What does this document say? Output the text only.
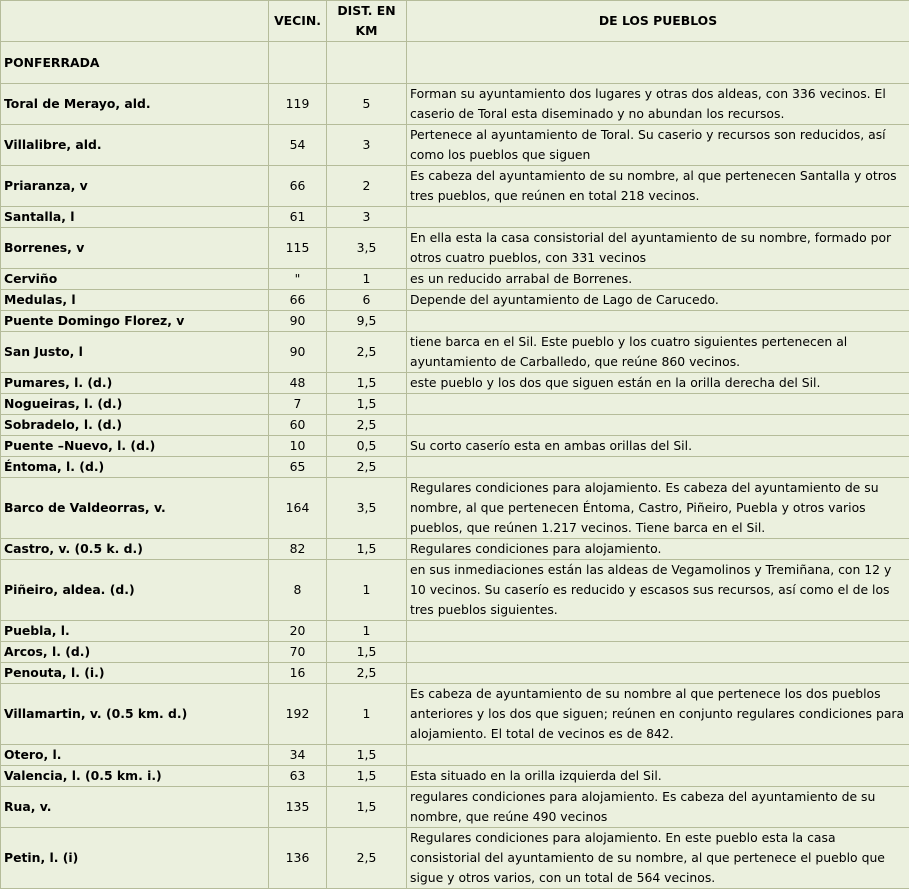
	VECIN.	DIST. EN KM	DE LOS PUEBLOS
PONFERRADA			
Toral de Merayo, ald.	119	5	Forman su ayuntamiento dos lugares y otras dos aldeas, con 336 vecinos. El caserio de Toral esta diseminado y no abundan los recursos.
Villalibre, ald.	54	3	Pertenece al ayuntamiento de Toral. Su caserio y recursos son reducidos, así como los pueblos que siguen
Priaranza, v	66	2	Es cabeza del ayuntamiento de su nombre, al que pertenecen Santalla y otros tres pueblos, que reúnen en total 218 vecinos.
Santalla, l	61	3	
Borrenes, v	115	3,5	En ella esta la casa consistorial del ayuntamiento de su nombre, formado por otros cuatro pueblos, con 331 vecinos
Cerviño	"	1	es un reducido arrabal de Borrenes.
Medulas, l	66	6	Depende del ayuntamiento de Lago de Carucedo.
Puente Domingo Florez, v	90	9,5	
San Justo, l	90	2,5	tiene barca en el Sil. Este pueblo y los cuatro siguientes pertenecen al ayuntamiento de Carballedo, que reúne 860 vecinos.
Pumares, l. (d.)	48	1,5	este pueblo y los dos que siguen están en la orilla derecha del Sil.
Nogueiras, l. (d.)	7	1,5	
Sobradelo, l. (d.)	60	2,5	
Puente –Nuevo, l. (d.)	10	0,5	Su corto caserío esta en ambas orillas del Sil.
Éntoma, l. (d.)	65	2,5	
Barco de Valdeorras, v.	164	3,5	Regulares condiciones para alojamiento. Es cabeza del ayuntamiento de su nombre, al que pertenecen Éntoma, Castro, Piñeiro, Puebla y otros varios pueblos, que reúnen 1.217 vecinos. Tiene barca en el Sil.
Castro, v. (0.5 k. d.)	82	1,5	Regulares condiciones para alojamiento.
Piñeiro, aldea. (d.)	8	1	en sus inmediaciones están las aldeas de Vegamolinos y Tremiñana, con 12 y 10 vecinos. Su caserío es reducido y escasos sus recursos, así como el de los tres pueblos siguientes.
Puebla, l.	20	1	
Arcos, l. (d.)	70	1,5	
Penouta, l. (i.)	16	2,5	
Villamartin, v. (0.5 km. d.)	192	1	Es cabeza de ayuntamiento de su nombre al que pertenece los dos pueblos anteriores y los dos que siguen; reúnen en conjunto regulares condiciones para alojamiento. El total de vecinos es de 842.
Otero, l.	34	1,5	
Valencia, l. (0.5 km. i.)	63	1,5	Esta situado en la orilla izquierda del Sil.
Rua, v.	135	1,5	regulares condiciones para alojamiento. Es cabeza del ayuntamiento de su nombre, que reúne 490 vecinos
Petin, l. (i)	136	2,5	Regulares condiciones para alojamiento. En este pueblo esta la casa consistorial del ayuntamiento de su nombre, al que pertenece el pueblo que sigue y otros varios, con un total de 564 vecinos.
